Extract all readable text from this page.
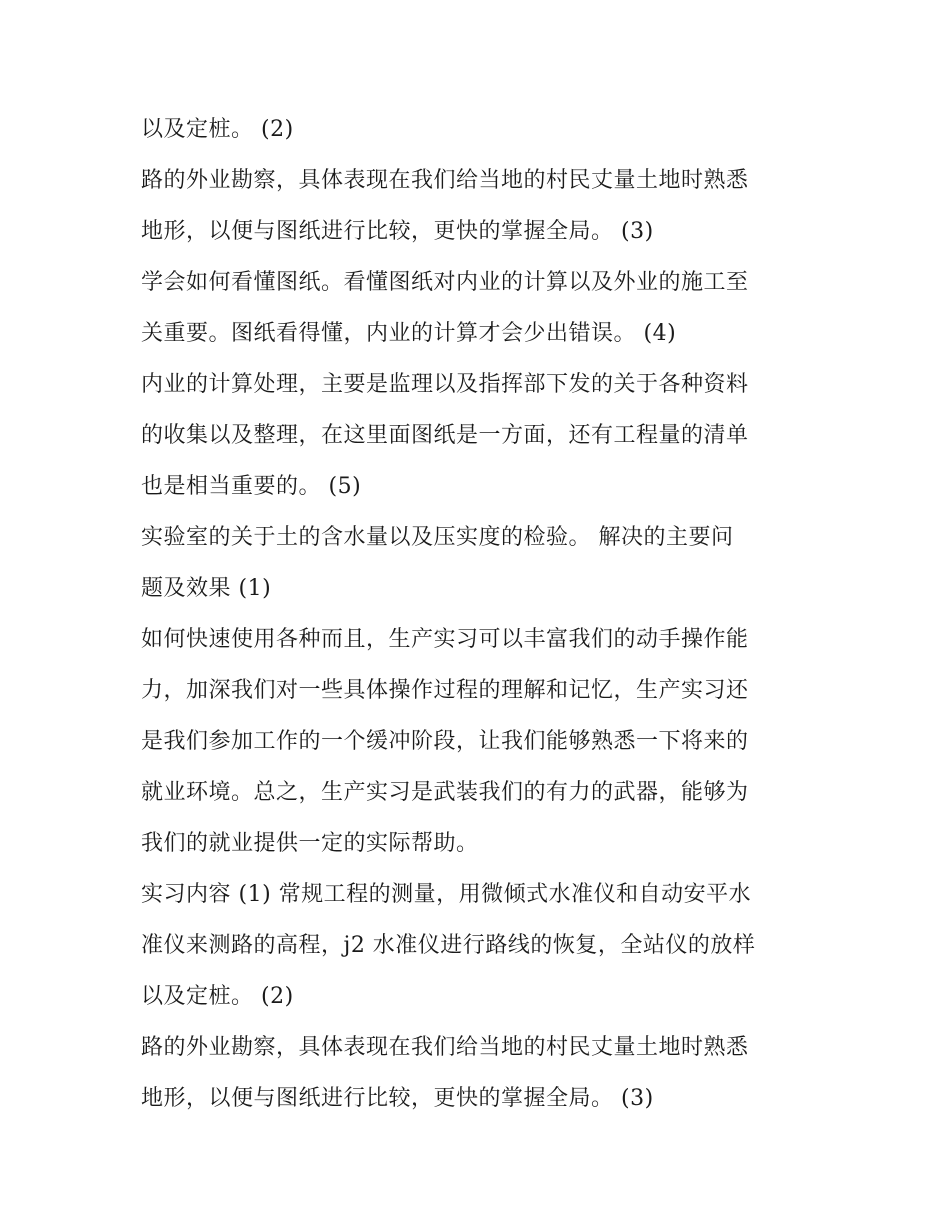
以及定桩。 (2)
路的外业勘察，具体表现在我们给当地的村民丈量土地时熟悉
地形，以便与图纸进行比较，更快的掌握全局。 (3)
学会如何看懂图纸。看懂图纸对内业的计算以及外业的施工至
关重要。图纸看得懂，内业的计算才会少出错误。 (4)
内业的计算处理，主要是监理以及指挥部下发的关于各种资料
的收集以及整理，在这里面图纸是一方面，还有工程量的清单
也是相当重要的。 (5)
实验室的关于土的含水量以及压实度的检验。 解决的主要问
题及效果 (1)
如何快速使用各种而且，生产实习可以丰富我们的动手操作能
力，加深我们对一些具体操作过程的理解和记忆，生产实习还
是我们参加工作的一个缓冲阶段，让我们能够熟悉一下将来的
就业环境。总之，生产实习是武装我们的有力的武器，能够为
我们的就业提供一定的实际帮助。
实习内容 (1) 常规工程的测量，用微倾式水准仪和自动安平水
准仪来测路的高程，j2 水准仪进行路线的恢复，全站仪的放样
以及定桩。 (2)
路的外业勘察，具体表现在我们给当地的村民丈量土地时熟悉
地形，以便与图纸进行比较，更快的掌握全局。 (3)
